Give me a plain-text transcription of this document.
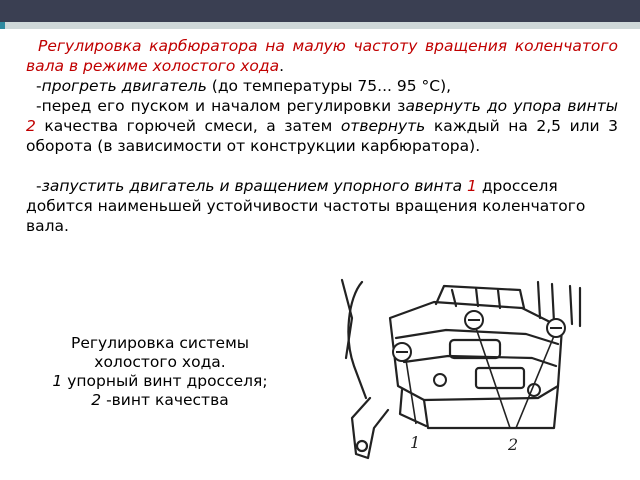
Регулировка карбюратора на малую частоту вращения коленчатого вала в режиме холостого хода.

-прогреть двигатель (до температуры 75... 95 °С),

-перед его пуском и началом регулировки завернуть до упора винты 2 качества горючей смеси, а затем отвернуть каждый на 2,5 или 3 оборота (в зависимости от конструкции карбюратора).

-запустить двигатель и вращением упорного винта 1 дросселя добится наименьшей устойчивости частоты вращения коленчатого вала.

Регулировка системы холостого хода.
1 упорный винт дросселя;
2 -винт качества
1	2
